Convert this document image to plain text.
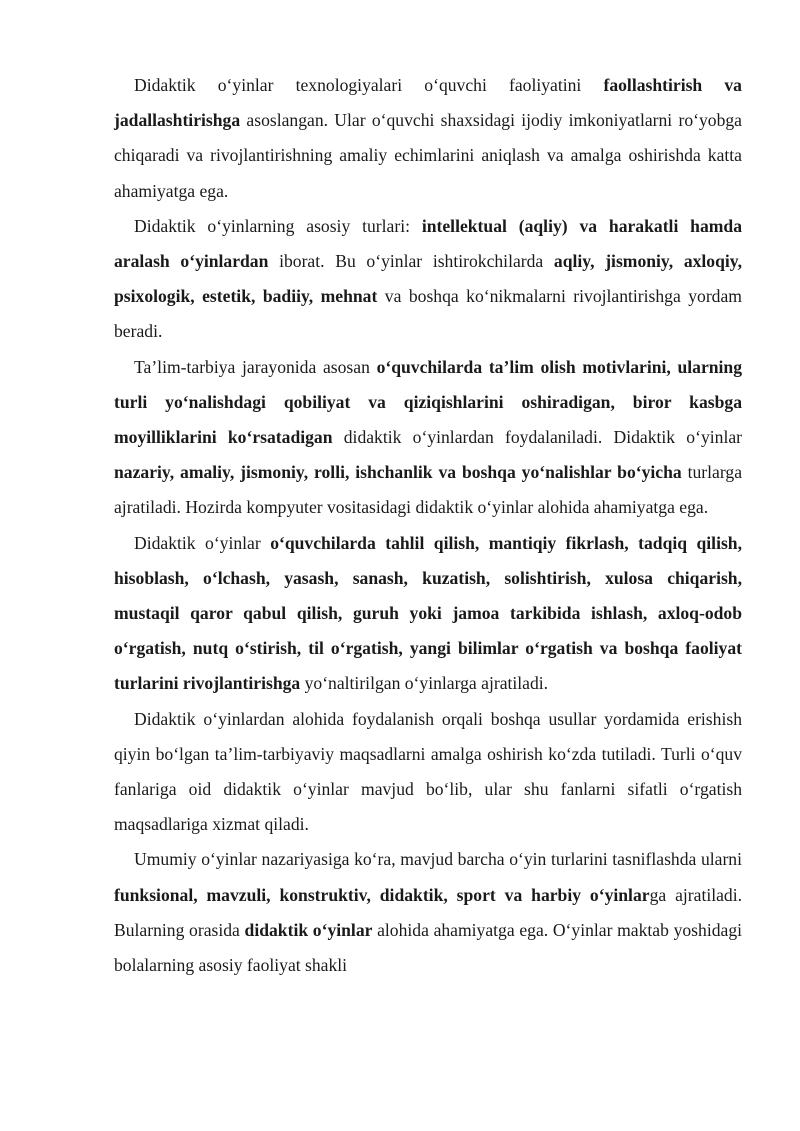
Didaktik o‘yinlar texnologiyalari o‘quvchi faoliyatini faollashtirish va jadallashtirishga asoslangan. Ular o‘quvchi shaxsidagi ijodiy imkoniyatlarni ro‘yobga chiqaradi va rivojlantirishning amaliy echimlarini aniqlash va amalga oshirishda katta ahamiyatga ega.

Didaktik o‘yinlarning asosiy turlari: intellektual (aqliy) va harakatli hamda aralash o‘yinlardan iborat. Bu o‘yinlar ishtirokchilarda aqliy, jismoniy, axloqiy, psixologik, estetik, badiiy, mehnat va boshqa ko‘nikmalarni rivojlantirishga yordam beradi.

Ta’lim-tarbiya jarayonida asosan o‘quvchilarda ta’lim olish motivlarini, ularning turli yo‘nalishdagi qobiliyat va qiziqishlarini oshiradigan, biror kasbga moyilliklarini ko‘rsatadigan didaktik o‘yinlardan foydalaniladi. Didaktik o‘yinlar nazariy, amaliy, jismoniy, rolli, ishchanlik va boshqa yo‘nalishlar bo‘yicha turlarga ajratiladi. Hozirda kompyuter vositasidagi didaktik o‘yinlar alohida ahamiyatga ega.

Didaktik o‘yinlar o‘quvchilarda tahlil qilish, mantiqiy fikrlash, tadqiq qilish, hisoblash, o‘lchash, yasash, sanash, kuzatish, solishtirish, xulosa chiqarish, mustaqil qaror qabul qilish, guruh yoki jamoa tarkibida ishlash, axloq-odob o‘rgatish, nutq o‘stirish, til o‘rgatish, yangi bilimlar o‘rgatish va boshqa faoliyat turlarini rivojlantirishga yo‘naltirilgan o‘yinlarga ajratiladi.

Didaktik o‘yinlardan alohida foydalanish orqali boshqa usullar yordamida erishish qiyin bo‘lgan ta’lim-tarbiyaviy maqsadlarni amalga oshirish ko‘zda tutiladi. Turli o‘quv fanlariga oid didaktik o‘yinlar mavjud bo‘lib, ular shu fanlarni sifatli o‘rgatish maqsadlariga xizmat qiladi.

Umumiy o‘yinlar nazariyasiga ko‘ra, mavjud barcha o‘yin turlarini tasniflashda ularni funksional, mavzuli, konstruktiv, didaktik, sport va harbiy o‘yinlarga ajratiladi. Bularning orasida didaktik o‘yinlar alohida ahamiyatga ega. O‘yinlar maktab yoshidagi bolalarning asosiy faoliyat shakli
